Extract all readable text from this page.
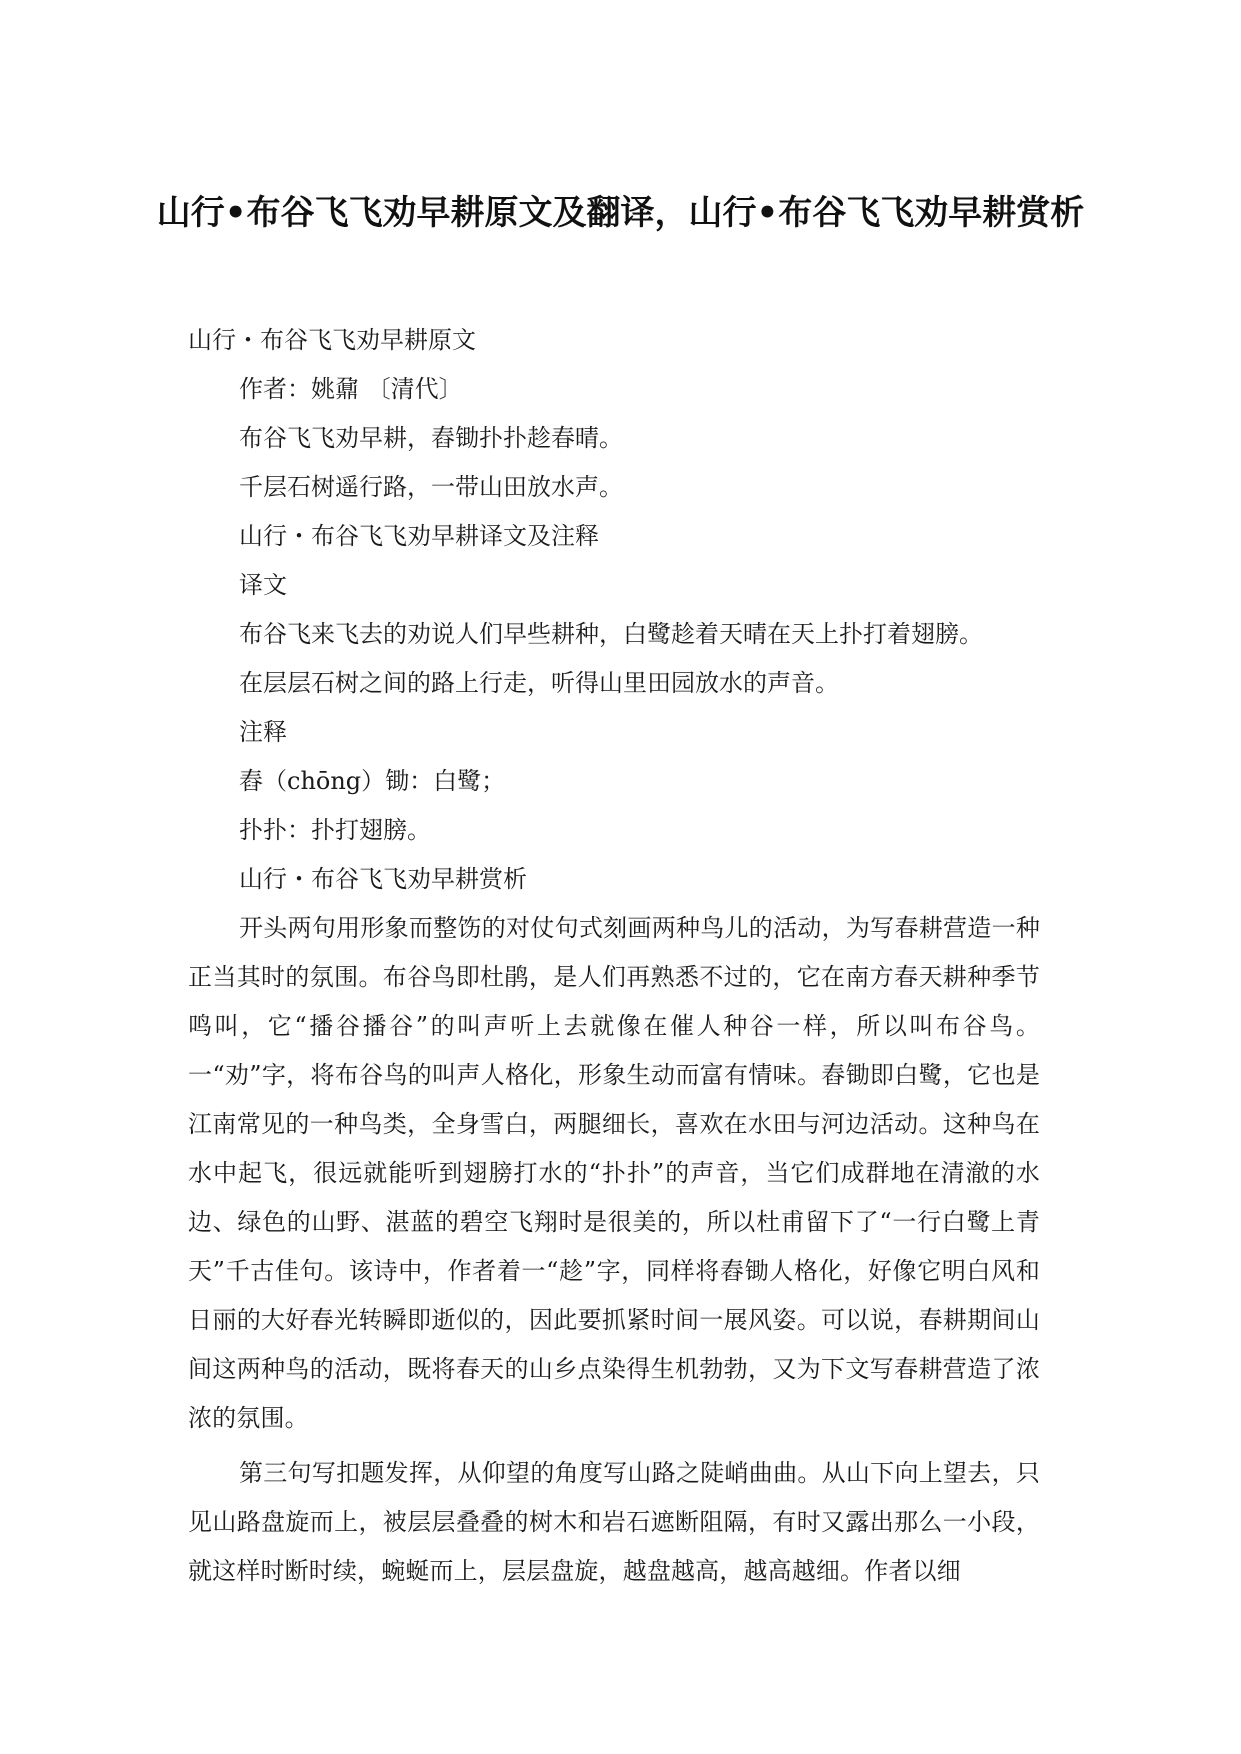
山行•布谷飞飞劝早耕原文及翻译，山行•布谷飞飞劝早耕赏析

山行・布谷飞飞劝早耕原文

作者：姚鼐 〔清代〕

布谷飞飞劝早耕，舂锄扑扑趁春晴。

千层石树遥行路，一带山田放水声。

山行・布谷飞飞劝早耕译文及注释

译文

布谷飞来飞去的劝说人们早些耕种，白鹭趁着天晴在天上扑打着翅膀。

在层层石树之间的路上行走，听得山里田园放水的声音。

注释

舂（chōng）锄：白鹭；

扑扑：扑打翅膀。

山行・布谷飞飞劝早耕赏析

开头两句用形象而整饬的对仗句式刻画两种鸟儿的活动，为写春耕营造一种正当其时的氛围。布谷鸟即杜鹃，是人们再熟悉不过的，它在南方春天耕种季节鸣叫，它“播谷播谷”的叫声听上去就像在催人种谷一样，所以叫布谷鸟。一“劝”字，将布谷鸟的叫声人格化，形象生动而富有情味。舂锄即白鹭，它也是江南常见的一种鸟类，全身雪白，两腿细长，喜欢在水田与河边活动。这种鸟在水中起飞，很远就能听到翅膀打水的“扑扑”的声音，当它们成群地在清澈的水边、绿色的山野、湛蓝的碧空飞翔时是很美的，所以杜甫留下了“一行白鹭上青天”千古佳句。该诗中，作者着一“趁”字，同样将舂锄人格化，好像它明白风和日丽的大好春光转瞬即逝似的，因此要抓紧时间一展风姿。可以说，春耕期间山间这两种鸟的活动，既将春天的山乡点染得生机勃勃，又为下文写春耕营造了浓浓的氛围。

第三句写扣题发挥，从仰望的角度写山路之陡峭曲曲。从山下向上望去，只见山路盘旋而上，被层层叠叠的树木和岩石遮断阻隔，有时又露出那么一小段，就这样时断时续，蜿蜒而上，层层盘旋，越盘越高，越高越细。作者以细
